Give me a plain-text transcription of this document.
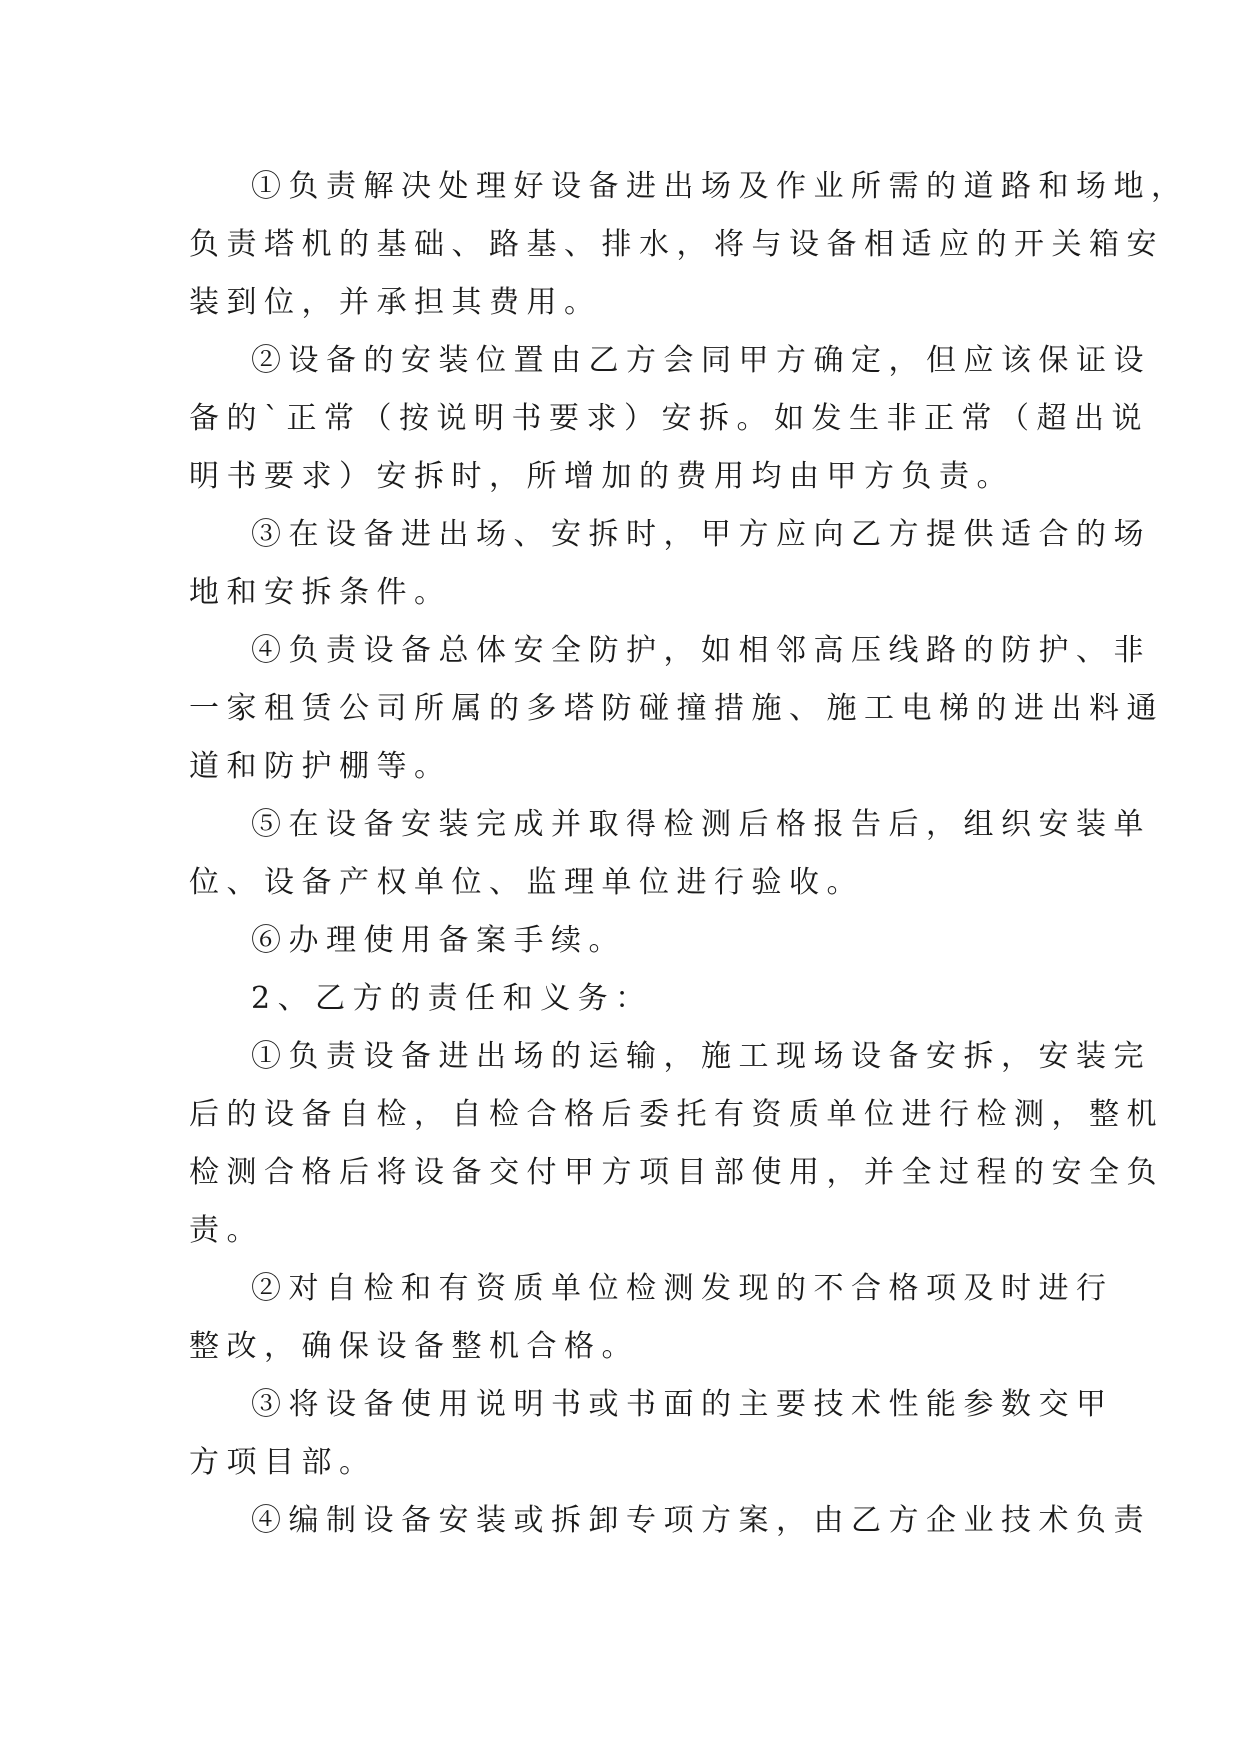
①负责解决处理好设备进出场及作业所需的道路和场地，
负责塔机的基础、路基、排水，将与设备相适应的开关箱安
装到位，并承担其费用。
②设备的安装位置由乙方会同甲方确定，但应该保证设
备的`正常（按说明书要求）安拆。如发生非正常（超出说
明书要求）安拆时，所增加的费用均由甲方负责。
③在设备进出场、安拆时，甲方应向乙方提供适合的场
地和安拆条件。
④负责设备总体安全防护，如相邻高压线路的防护、非
一家租赁公司所属的多塔防碰撞措施、施工电梯的进出料通
道和防护棚等。
⑤在设备安装完成并取得检测后格报告后，组织安装单
位、设备产权单位、监理单位进行验收。
⑥办理使用备案手续。
2、乙方的责任和义务：
①负责设备进出场的运输，施工现场设备安拆，安装完
后的设备自检，自检合格后委托有资质单位进行检测，整机
检测合格后将设备交付甲方项目部使用，并全过程的安全负
责。
②对自检和有资质单位检测发现的不合格项及时进行
整改，确保设备整机合格。
③将设备使用说明书或书面的主要技术性能参数交甲
方项目部。
④编制设备安装或拆卸专项方案，由乙方企业技术负责
